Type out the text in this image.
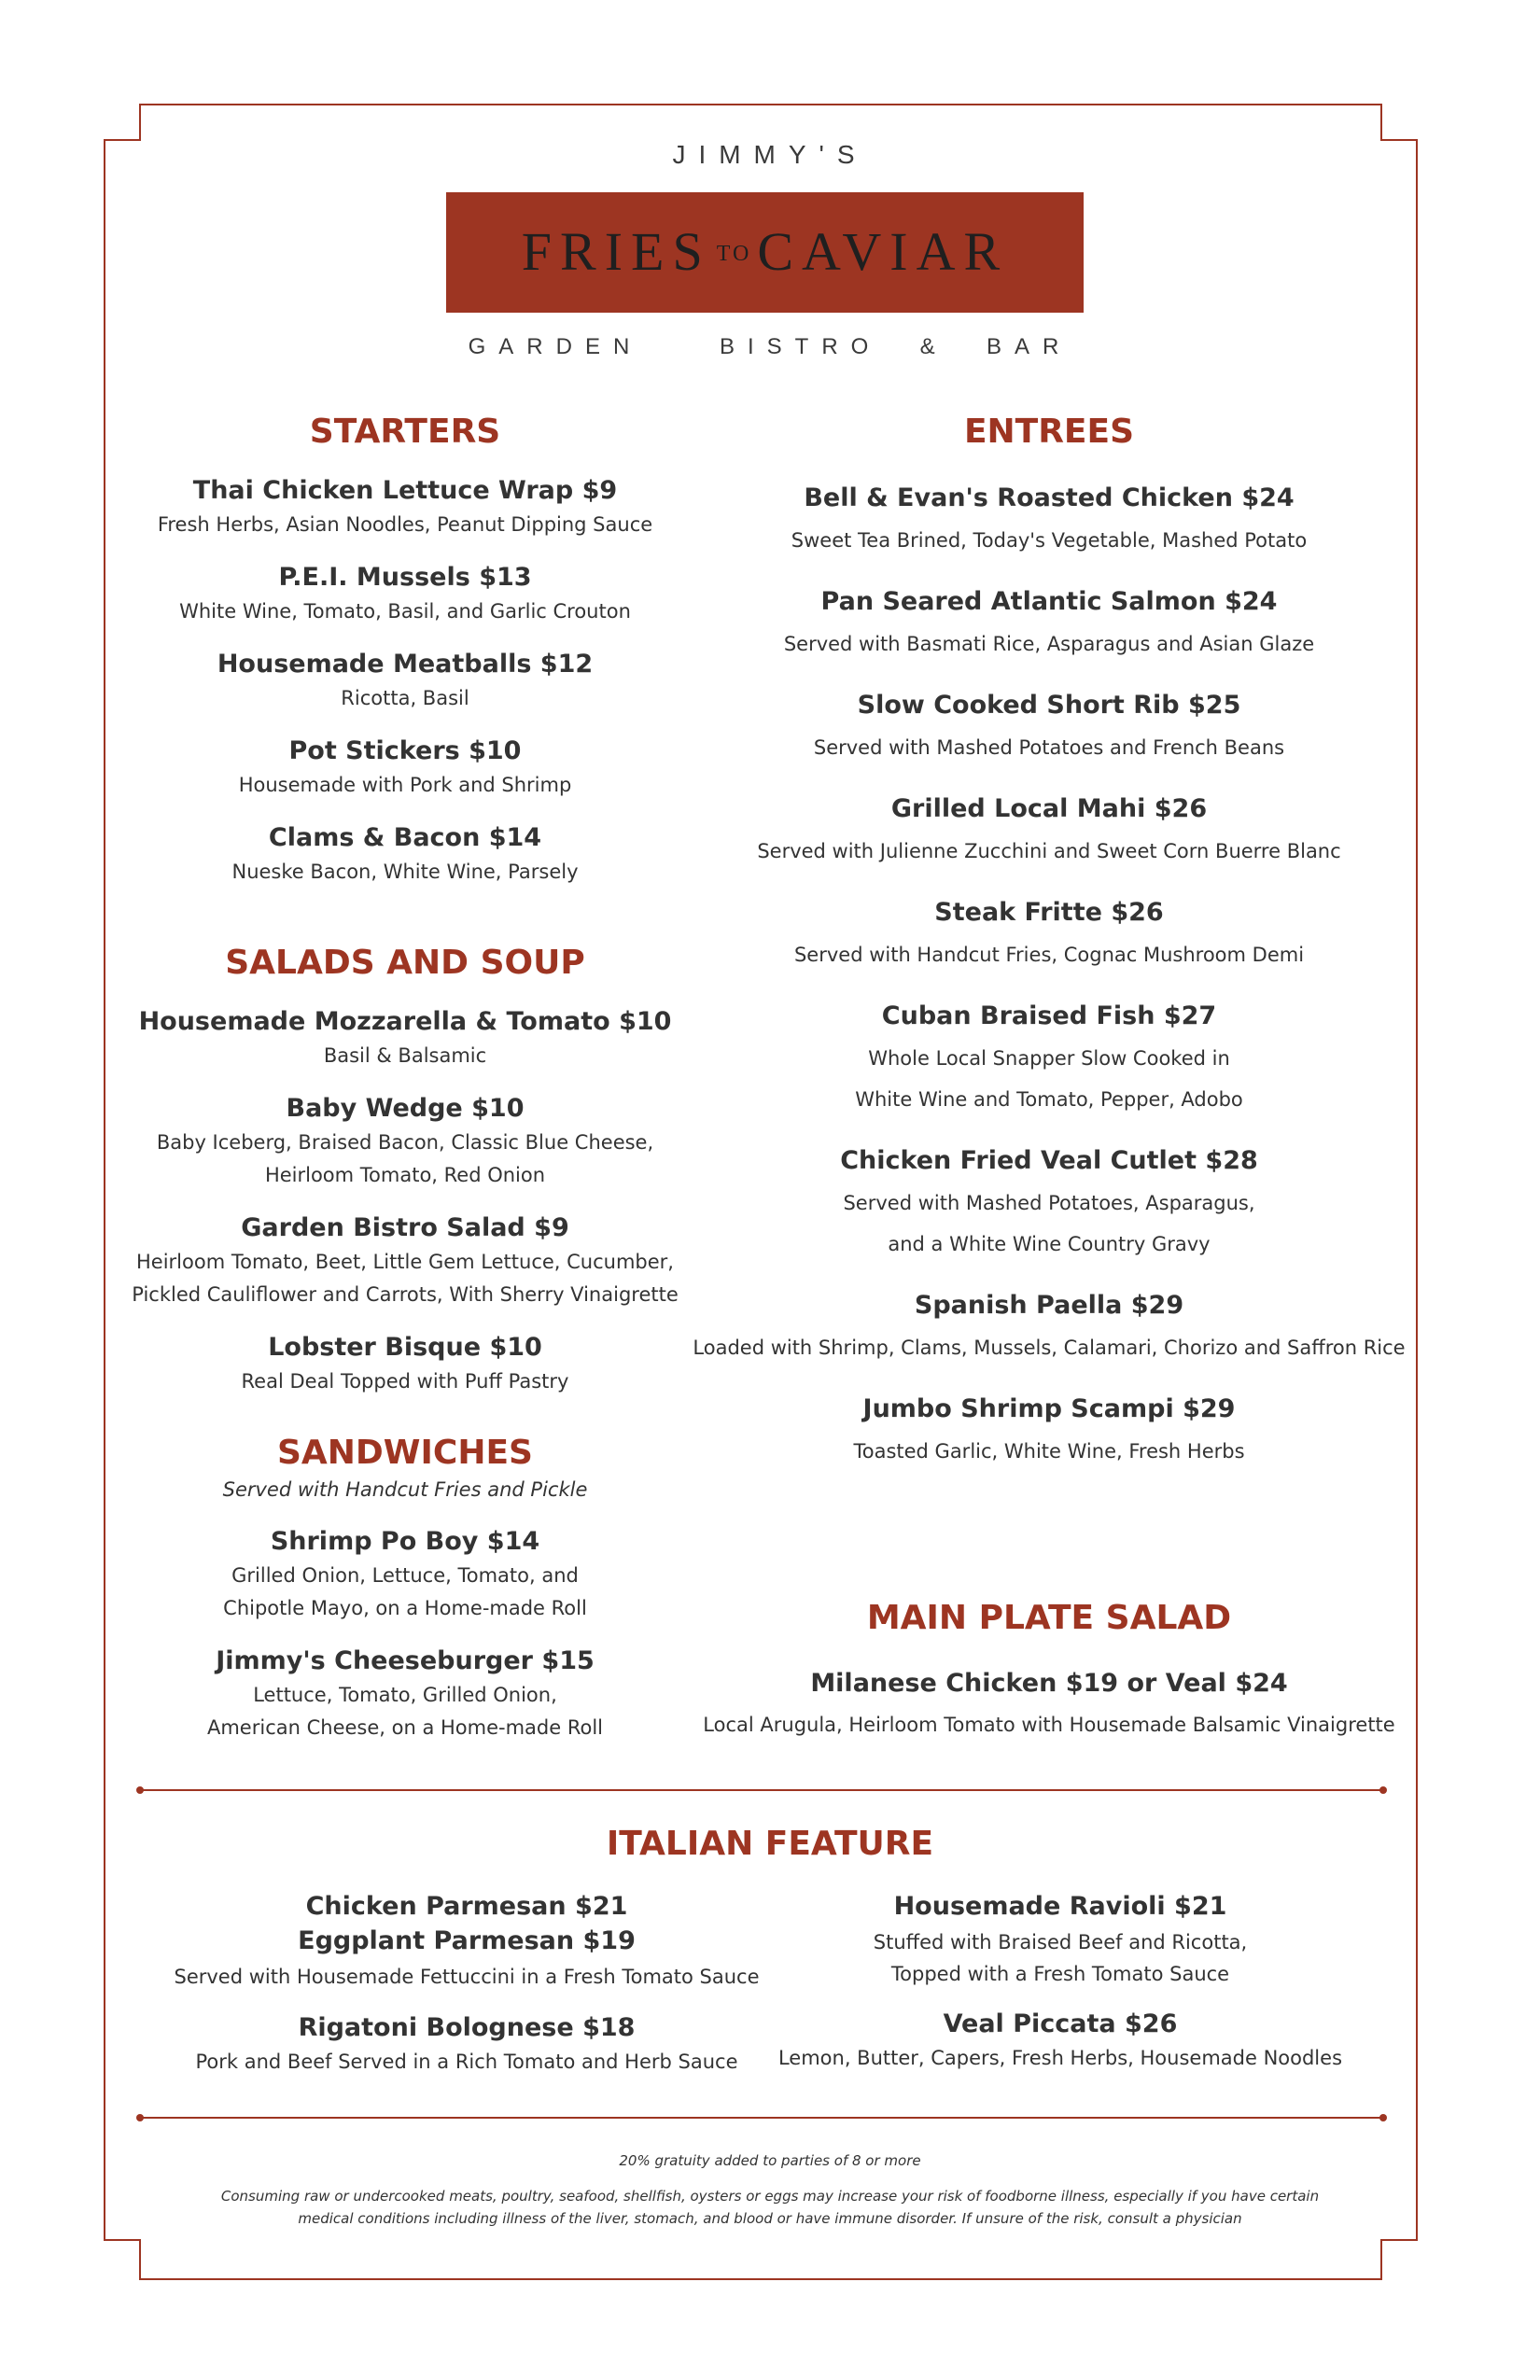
JIMMY'S
FRIES TO CAVIAR
GARDEN    BISTRO  &  BAR
STARTERS
Thai Chicken Lettuce Wrap $9
Fresh Herbs, Asian Noodles, Peanut Dipping Sauce
P.E.I. Mussels $13
White Wine, Tomato, Basil, and Garlic Crouton
Housemade Meatballs $12
Ricotta, Basil
Pot Stickers $10
Housemade with Pork and Shrimp
Clams & Bacon $14
Nueske Bacon, White Wine, Parsely
SALADS AND SOUP
Housemade Mozzarella & Tomato $10
Basil & Balsamic
Baby Wedge $10
Baby Iceberg, Braised Bacon, Classic Blue Cheese,
Heirloom Tomato, Red Onion
Garden Bistro Salad $9
Heirloom Tomato, Beet, Little Gem Lettuce, Cucumber,
Pickled Cauliflower and Carrots, With Sherry Vinaigrette
Lobster Bisque $10
Real Deal Topped with Puff Pastry
SANDWICHES
Served with Handcut Fries and Pickle
Shrimp Po Boy $14
Grilled Onion, Lettuce, Tomato, and
Chipotle Mayo, on a Home-made Roll
Jimmy's Cheeseburger $15
Lettuce, Tomato, Grilled Onion,
American Cheese, on a Home-made Roll
ENTREES
Bell & Evan's Roasted Chicken $24
Sweet Tea Brined, Today's Vegetable, Mashed Potato
Pan Seared Atlantic Salmon $24
Served with Basmati Rice, Asparagus and Asian Glaze
Slow Cooked Short Rib $25
Served with Mashed Potatoes and French Beans
Grilled Local Mahi $26
Served with Julienne Zucchini and Sweet Corn Buerre Blanc
Steak Fritte $26
Served with Handcut Fries, Cognac Mushroom Demi
Cuban Braised Fish $27
Whole Local Snapper Slow Cooked in
White Wine and Tomato, Pepper, Adobo
Chicken Fried Veal Cutlet $28
Served with Mashed Potatoes, Asparagus,
and a White Wine Country Gravy
Spanish Paella $29
Loaded with Shrimp, Clams, Mussels, Calamari, Chorizo and Saffron Rice
Jumbo Shrimp Scampi $29
Toasted Garlic, White Wine, Fresh Herbs
MAIN PLATE SALAD
Milanese Chicken $19 or Veal $24
Local Arugula, Heirloom Tomato with Housemade Balsamic Vinaigrette
ITALIAN FEATURE
Chicken Parmesan $21
Eggplant Parmesan $19
Served with Housemade Fettuccini in a Fresh Tomato Sauce
Rigatoni Bolognese $18
Pork and Beef Served in a Rich Tomato and Herb Sauce
Housemade Ravioli $21
Stuffed with Braised Beef and Ricotta,
Topped with a Fresh Tomato Sauce
Veal Piccata $26
Lemon, Butter, Capers, Fresh Herbs, Housemade Noodles
20% gratuity added to parties of 8 or more
Consuming raw or undercooked meats, poultry, seafood, shellfish, oysters or eggs may increase your risk of foodborne illness, especially if you have certain
medical conditions including illness of the liver, stomach, and blood or have immune disorder. If unsure of the risk, consult a physician
